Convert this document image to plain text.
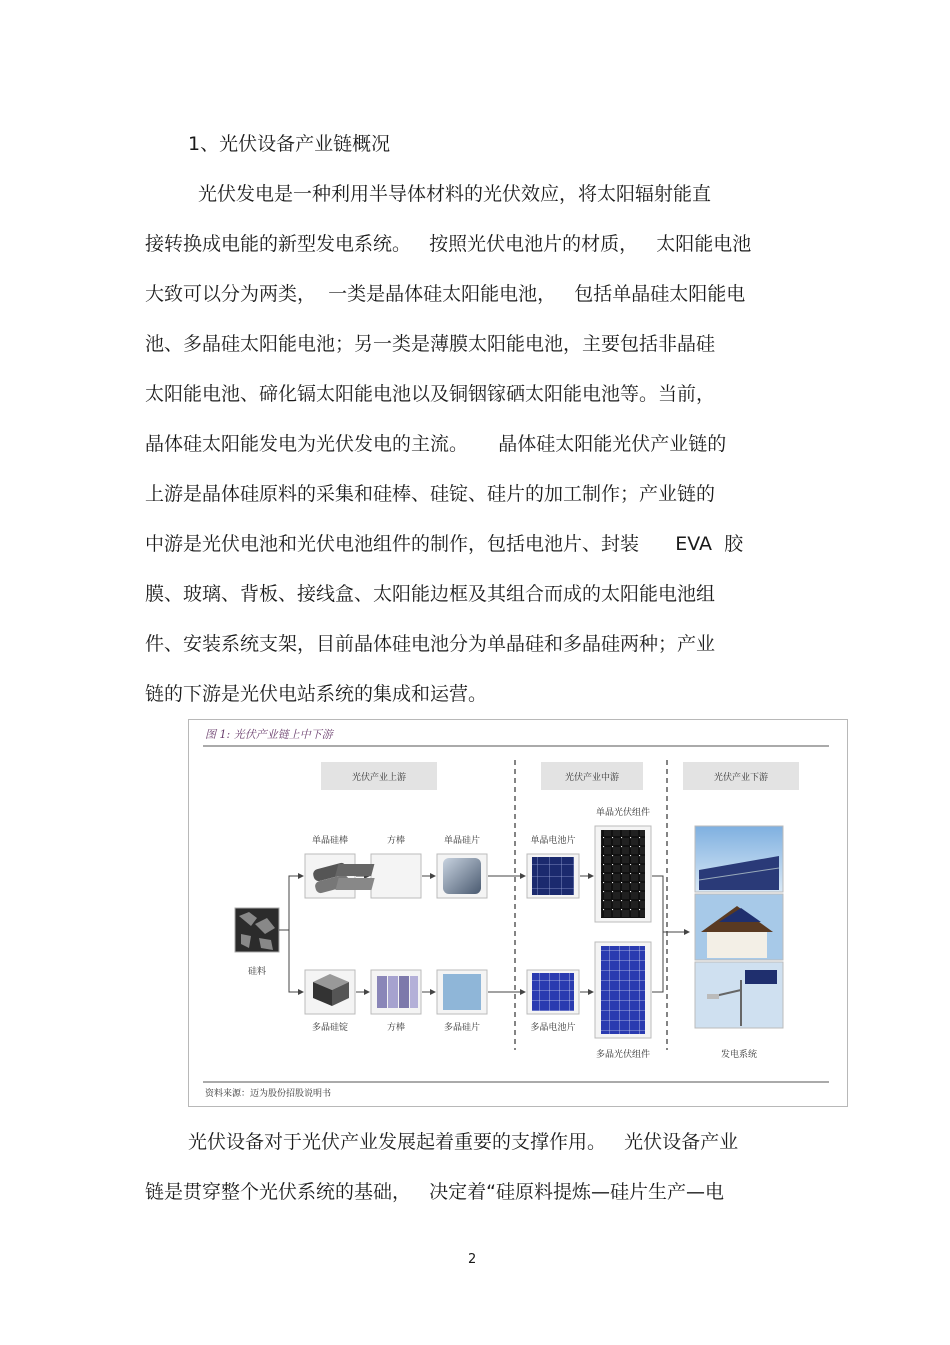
1、光伏设备产业链概况
光伏发电是一种利用半导体材料的光伏效应，将太阳辐射能直
接转换成电能的新型发电系统。   按照光伏电池片的材质，   太阳能电池
大致可以分为两类，  一类是晶体硅太阳能电池，   包括单晶硅太阳能电
池、多晶硅太阳能电池；另一类是薄膜太阳能电池，主要包括非晶硅
太阳能电池、碲化镉太阳能电池以及铜铟镓硒太阳能电池等。当前，
晶体硅太阳能发电为光伏发电的主流。     晶体硅太阳能光伏产业链的
上游是晶体硅原料的采集和硅棒、硅锭、硅片的加工制作；产业链的
中游是光伏电池和光伏电池组件的制作，包括电池片、封装      EVA  胶
膜、玻璃、背板、接线盒、太阳能边框及其组合而成的太阳能电池组
件、安装系统支架，目前晶体硅电池分为单晶硅和多晶硅两种；产业
链的下游是光伏电站系统的集成和运营。
图 1: 光伏产业链上中下游
光伏产业上游	光伏产业中游	光伏产业下游
硅料
单晶硅棒	方棒	单晶硅片	单晶电池片
单晶光伏组件
多晶硅锭	方棒	多晶硅片	多晶电池片
多晶光伏组件	发电系统
资料来源：迈为股份招股说明书
光伏设备对于光伏产业发展起着重要的支撑作用。   光伏设备产业
链是贯穿整个光伏系统的基础，   决定着“硅原料提炼—硅片生产—电
2
